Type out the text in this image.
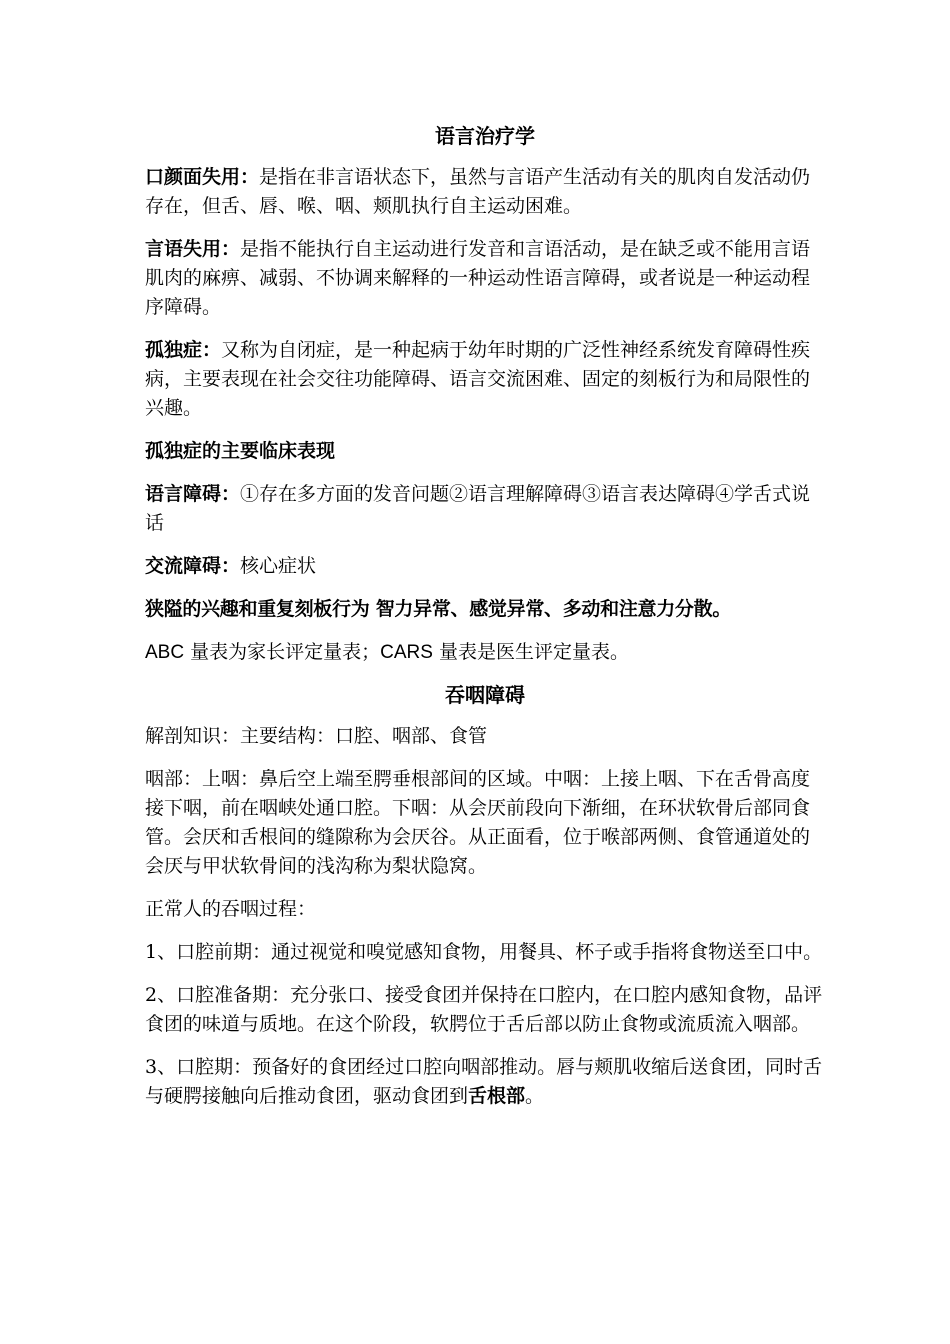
语言治疗学

口颜面失用：是指在非言语状态下，虽然与言语产生活动有关的肌肉自发活动仍存在，但舌、唇、喉、咽、颊肌执行自主运动困难。

言语失用：是指不能执行自主运动进行发音和言语活动，是在缺乏或不能用言语肌肉的麻痹、减弱、不协调来解释的一种运动性语言障碍，或者说是一种运动程序障碍。

孤独症：又称为自闭症，是一种起病于幼年时期的广泛性神经系统发育障碍性疾病，主要表现在社会交往功能障碍、语言交流困难、固定的刻板行为和局限性的兴趣。

孤独症的主要临床表现

语言障碍：①存在多方面的发音问题②语言理解障碍③语言表达障碍④学舌式说话

交流障碍：核心症状

狭隘的兴趣和重复刻板行为 智力异常、感觉异常、多动和注意力分散。

ABC 量表为家长评定量表；CARS 量表是医生评定量表。

吞咽障碍

解剖知识：主要结构：口腔、咽部、食管

咽部：上咽：鼻后空上端至腭垂根部间的区域。中咽：上接上咽、下在舌骨高度接下咽，前在咽峡处通口腔。下咽：从会厌前段向下渐细，在环状软骨后部同食管。会厌和舌根间的缝隙称为会厌谷。从正面看，位于喉部两侧、食管通道处的会厌与甲状软骨间的浅沟称为梨状隐窝。

正常人的吞咽过程：

1、口腔前期：通过视觉和嗅觉感知食物，用餐具、杯子或手指将食物送至口中。

2、口腔准备期：充分张口、接受食团并保持在口腔内，在口腔内感知食物，品评食团的味道与质地。在这个阶段，软腭位于舌后部以防止食物或流质流入咽部。

3、口腔期：预备好的食团经过口腔向咽部推动。唇与颊肌收缩后送食团，同时舌与硬腭接触向后推动食团，驱动食团到舌根部。
